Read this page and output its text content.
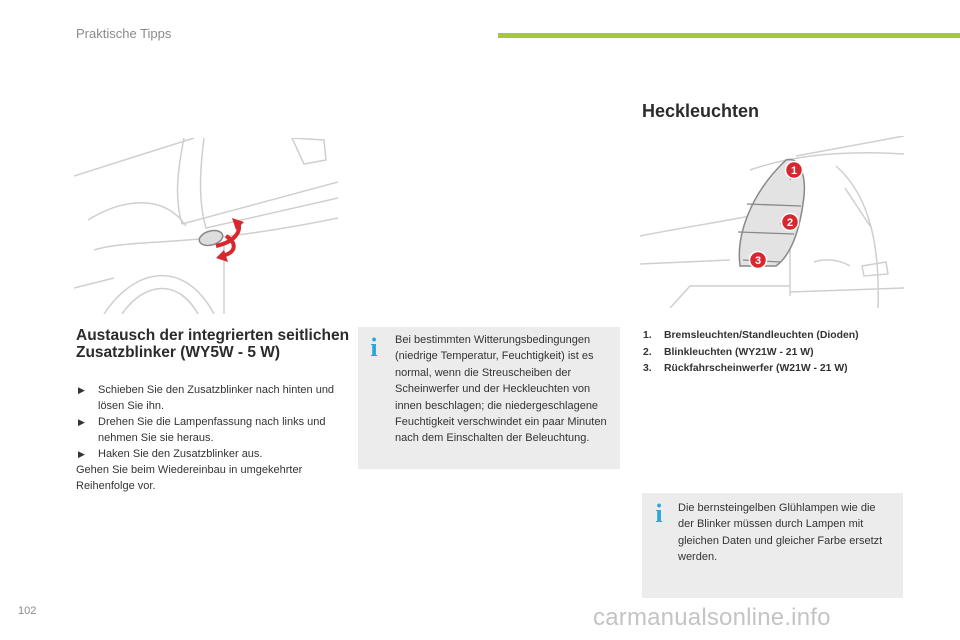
Praktische Tipps
1
2
3
Austausch der integrierten seitlichen Zusatzblinker (WY5W - 5 W)
▶ Schieben Sie den Zusatzblinker nach hinten und lösen Sie ihn.
▶ Drehen Sie die Lampenfassung nach links und nehmen Sie sie heraus.
▶ Haken Sie den Zusatzblinker aus.
Gehen Sie beim Wiedereinbau in umgekehrter Reihenfolge vor.
i	Bei bestimmten Witterungsbedingungen (niedrige Temperatur, Feuchtigkeit) ist es normal, wenn die Streuscheiben der Scheinwerfer und der Heckleuchten von innen beschlagen; die niedergeschlagene Feuchtigkeit verschwindet ein paar Minuten nach dem Einschalten der Beleuchtung.
Heckleuchten
1. Bremsleuchten/Standleuchten (Dioden)
2. Blinkleuchten (WY21W - 21 W)
3. Rückfahrscheinwerfer (W21W - 21 W)
i	Die bernsteingelben Glühlampen wie die der Blinker müssen durch Lampen mit gleichen Daten und gleicher Farbe ersetzt werden.
102	carmanualsonline.info
